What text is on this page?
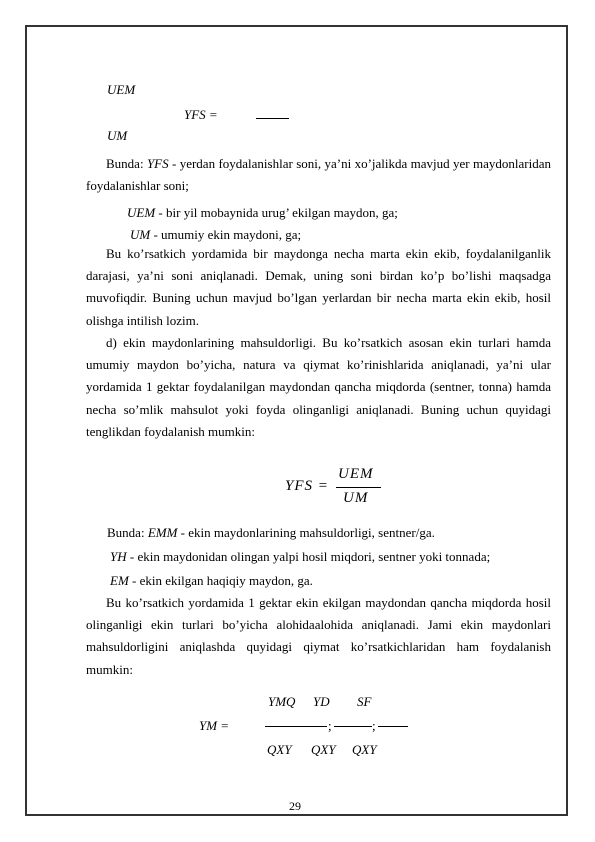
UEM
YFS =
UM

Bunda: YFS - yerdan foydalanishlar soni, ya’ni xo’jalikda mavjud yer maydonlaridan foydalanishlar soni;

UEM - bir yil mobaynida urug’ ekilgan maydon, ga;
UM - umumiy ekin maydoni, ga;

Bu ko’rsatkich yordamida bir maydonga necha marta ekin ekib, foydalanilganlik darajasi, ya’ni soni aniqlanadi. Demak, uning soni birdan ko’p bo’lishi maqsadga muvofiqdir. Buning uchun mavjud bo’lgan yerlardan bir necha marta ekin ekib, hosil olishga intilish lozim.

d) ekin maydonlarining mahsuldorligi. Bu ko’rsatkich asosan ekin turlari hamda umumiy maydon bo’yicha, natura va qiymat ko’rinishlarida aniqlanadi, ya’ni ular yordamida 1 gektar foydalanilgan maydondan qancha miqdorda (sentner, tonna) hamda necha so’mlik mahsulot yoki foyda olinganligi aniqlanadi. Buning uchun quyidagi tenglikdan foydalanish mumkin:

YFS =
UEM
UM
Bunda: EMM - ekin maydonlarining mahsuldorligi, sentner/ga.
YH - ekin maydonidan olingan yalpi hosil miqdori, sentner yoki tonnada;
EM - ekin ekilgan haqiqiy maydon, ga.

Bu ko’rsatkich yordamida 1 gektar ekin ekilgan maydondan qancha miqdorda hosil olinganligi ekin turlari bo’yicha alohidaalohida aniqlanadi. Jami ekin maydonlari mahsuldorligini aniqlashda quyidagi qiymat ko’rsatkichlaridan ham foydalanish mumkin:

YMQ YD SF
YM =	;	;
QXY QXY QXY
29
